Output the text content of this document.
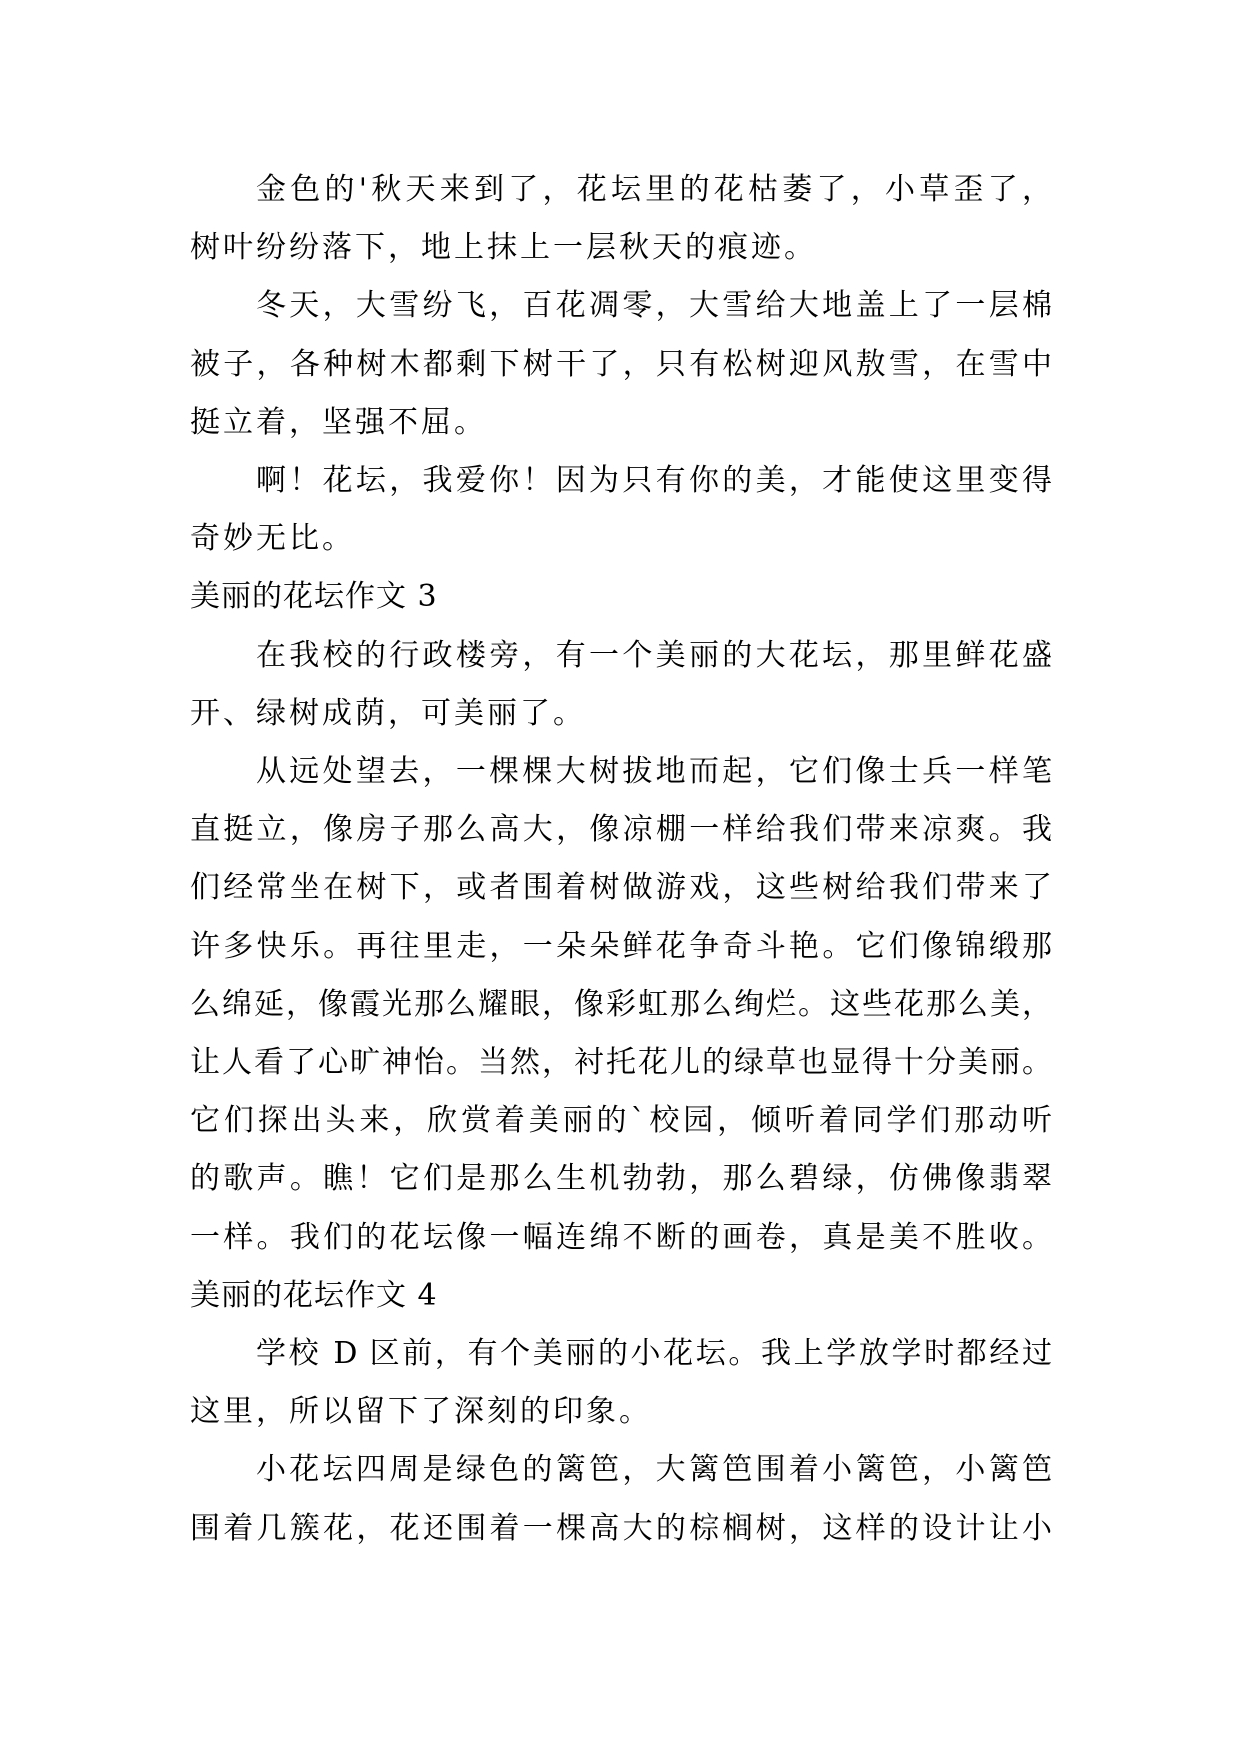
金色的'秋天来到了，花坛里的花枯萎了，小草歪了，
树叶纷纷落下，地上抹上一层秋天的痕迹。
冬天，大雪纷飞，百花凋零，大雪给大地盖上了一层棉
被子，各种树木都剩下树干了，只有松树迎风敖雪，在雪中
挺立着，坚强不屈。
啊！花坛，我爱你！因为只有你的美，才能使这里变得
奇妙无比。
美丽的花坛作文 3
在我校的行政楼旁，有一个美丽的大花坛，那里鲜花盛
开、绿树成荫，可美丽了。
从远处望去，一棵棵大树拔地而起，它们像士兵一样笔
直挺立，像房子那么高大，像凉棚一样给我们带来凉爽。我
们经常坐在树下，或者围着树做游戏，这些树给我们带来了
许多快乐。再往里走，一朵朵鲜花争奇斗艳。它们像锦缎那
么绵延，像霞光那么耀眼，像彩虹那么绚烂。这些花那么美，
让人看了心旷神怡。当然，衬托花儿的绿草也显得十分美丽。
它们探出头来，欣赏着美丽的`校园，倾听着同学们那动听
的歌声。瞧！它们是那么生机勃勃，那么碧绿，仿佛像翡翠
一样。我们的花坛像一幅连绵不断的画卷，真是美不胜收。
美丽的花坛作文 4
学校 D 区前，有个美丽的小花坛。我上学放学时都经过
这里，所以留下了深刻的印象。
小花坛四周是绿色的篱笆，大篱笆围着小篱笆，小篱笆
围着几簇花，花还围着一棵高大的棕榈树，这样的设计让小
